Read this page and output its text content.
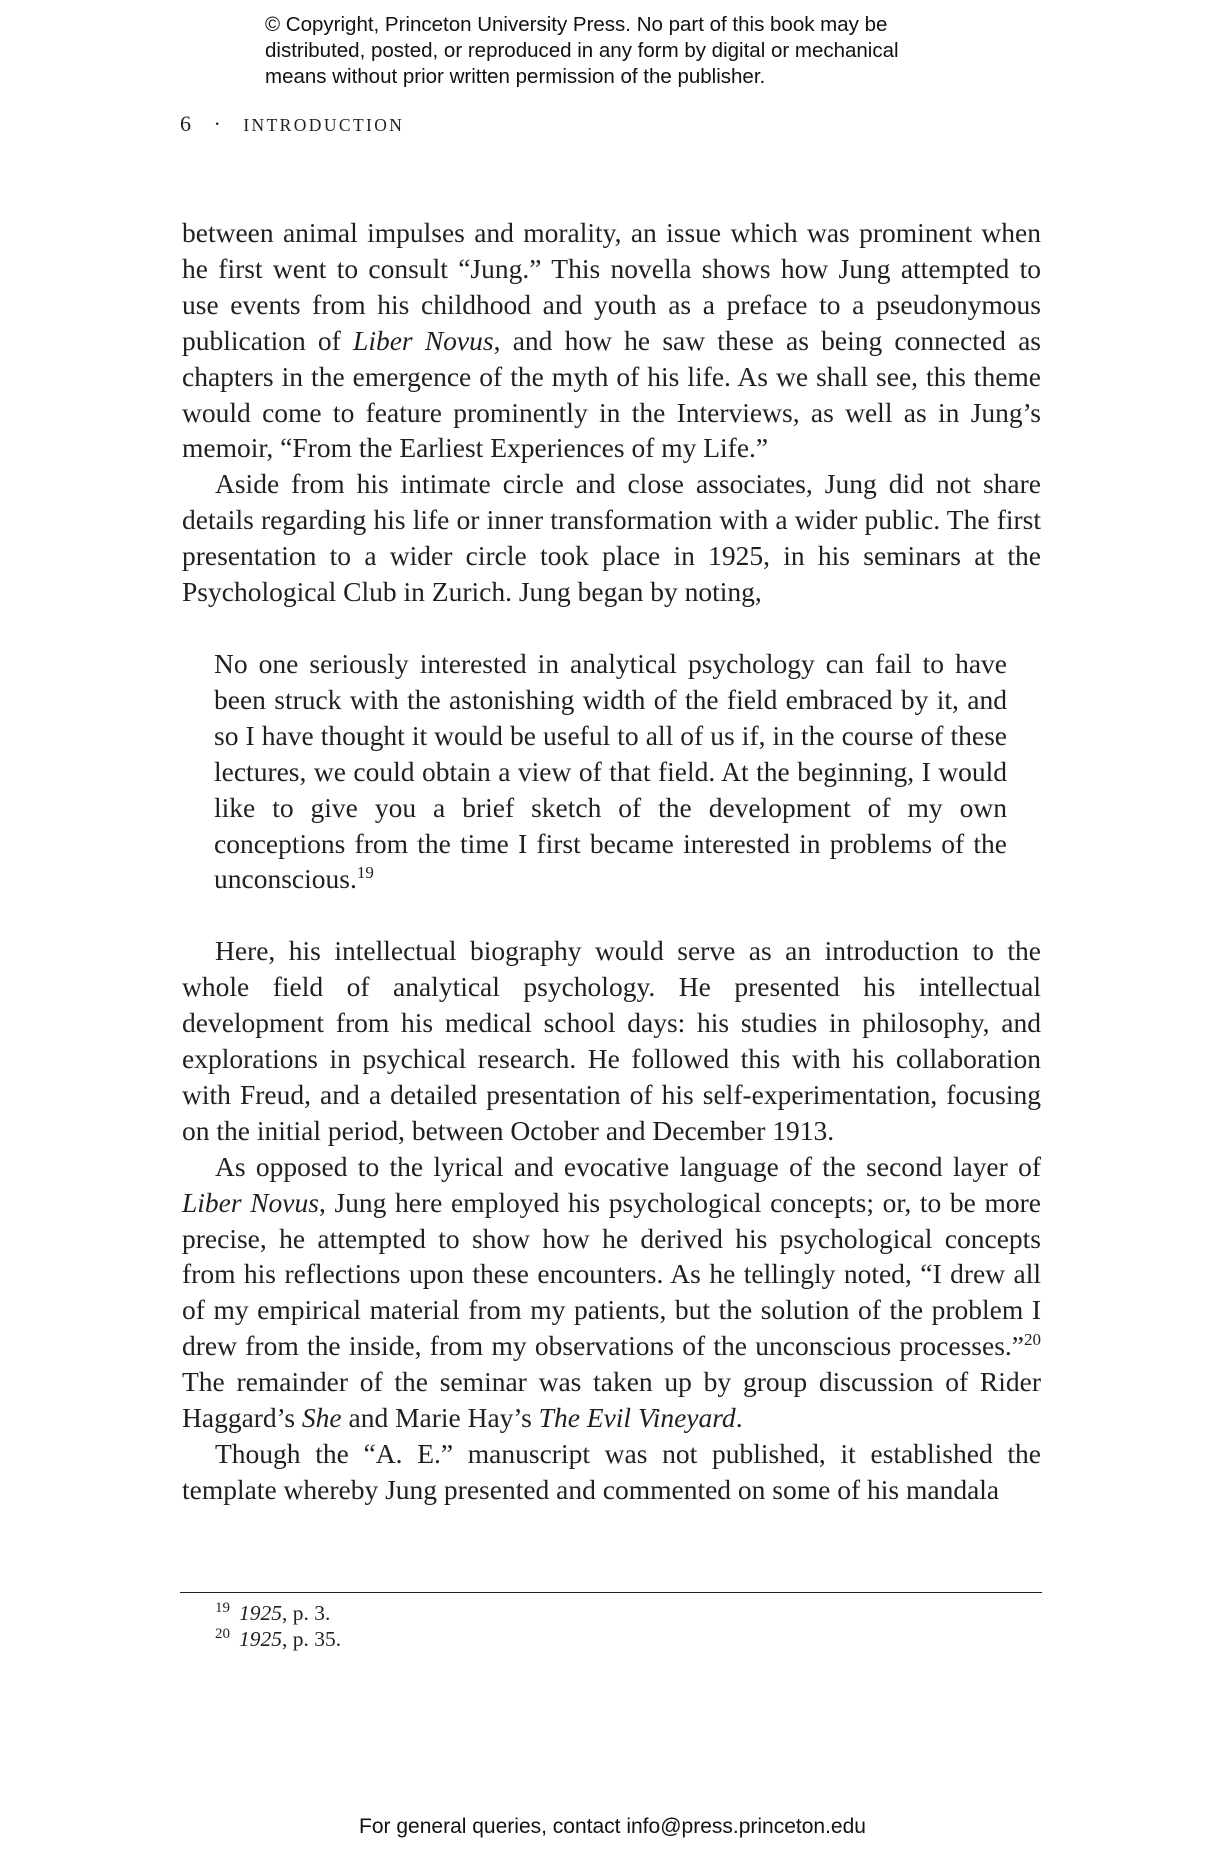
© Copyright, Princeton University Press. No part of this book may be

distributed, posted, or reproduced in any form by digital or mechanical

means without prior written permission of the publisher.

6 · INTRODUCTION

between animal impulses and morality, an issue which was prominent when he first went to consult “Jung.” This novella shows how Jung attempted to use events from his childhood and youth as a preface to a pseudonymous publication of Liber Novus, and how he saw these as being connected as chapters in the emergence of the myth of his life. As we shall see, this theme would come to feature prominently in the Interviews, as well as in Jung’s memoir, “From the Earliest Experiences of my Life.”

Aside from his intimate circle and close associates, Jung did not share details regarding his life or inner transformation with a wider public. The first presentation to a wider circle took place in 1925, in his seminars at the Psychological Club in Zurich. Jung began by noting,

No one seriously interested in analytical psychology can fail to have been struck with the astonishing width of the field embraced by it, and so I have thought it would be useful to all of us if, in the course of these lectures, we could obtain a view of that field. At the beginning, I would like to give you a brief sketch of the development of my own conceptions from the time I first became interested in problems of the unconscious.$^{19}$

Here, his intellectual biography would serve as an introduction to the whole field of analytical psychology. He presented his intellectual development from his medical school days: his studies in philosophy, and explorations in psychical research. He followed this with his collaboration with Freud, and a detailed presentation of his self-experimentation, focusing on the initial period, between October and December 1913.

As opposed to the lyrical and evocative language of the second layer of Liber Novus, Jung here employed his psychological concepts; or, to be more precise, he attempted to show how he derived his psychological concepts from his reflections upon these encounters. As he tellingly noted, “I drew all of my empirical material from my patients, but the solution of the problem I drew from the inside, from my observations of the unconscious processes.”$^{20}$ The remainder of the seminar was taken up by group discussion of Rider Haggard’s She and Marie Hay’s The Evil Vineyard.

Though the “A. E.” manuscript was not published, it established the template whereby Jung presented and commented on some of his mandala

$^{19}$ 1925, p. 3.

$^{20}$ 1925, p. 35.

For general queries, contact info@press.princeton.edu
